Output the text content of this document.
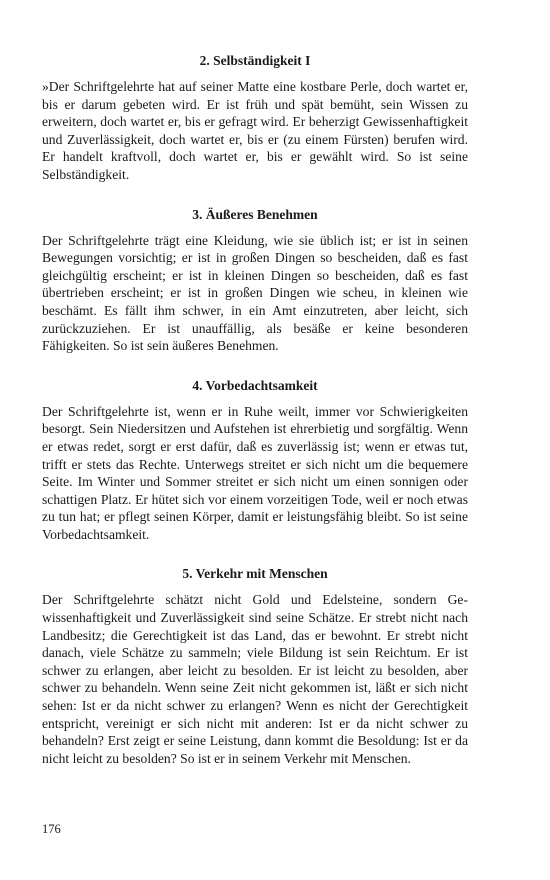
2. Selbständigkeit I

»Der Schriftgelehrte hat auf seiner Matte eine kostbare Perle, doch wartet er, bis er darum gebeten wird. Er ist früh und spät bemüht, sein Wissen zu erweitern, doch wartet er, bis er gefragt wird. Er beherzigt Gewissenhaftigkeit und Zuverlässigkeit, doch wartet er, bis er (zu einem Fürsten) berufen wird. Er handelt kraftvoll, doch wartet er, bis er gewählt wird. So ist seine Selbständigkeit.

3. Äußeres Benehmen

Der Schriftgelehrte trägt eine Kleidung, wie sie üblich ist; er ist in seinen Bewegungen vorsichtig; er ist in großen Dingen so bescheiden, daß es fast gleichgültig erscheint; er ist in kleinen Dingen so bescheiden, daß es fast übertrieben erscheint; er ist in großen Dingen wie scheu, in kleinen wie beschämt. Es fällt ihm schwer, in ein Amt einzutreten, aber leicht, sich zurückzuziehen. Er ist unauffällig, als besäße er keine besonderen Fähigkeiten. So ist sein äußeres Benehmen.

4. Vorbedachtsamkeit

Der Schriftgelehrte ist, wenn er in Ruhe weilt, immer vor Schwierigkeiten besorgt. Sein Niedersitzen und Aufstehen ist ehrerbietig und sorgfältig. Wenn er etwas redet, sorgt er erst dafür, daß es zuverlässig ist; wenn er etwas tut, trifft er stets das Rechte. Unterwegs streitet er sich nicht um die bequemere Seite. Im Winter und Sommer streitet er sich nicht um einen sonnigen oder schattigen Platz. Er hütet sich vor einem vorzeitigen Tode, weil er noch etwas zu tun hat; er pflegt seinen Körper, damit er leistungsfähig bleibt. So ist seine Vorbedachtsamkeit.

5. Verkehr mit Menschen

Der Schriftgelehrte schätzt nicht Gold und Edelsteine, sondern Gewissenhaftigkeit und Zuverlässigkeit sind seine Schätze. Er strebt nicht nach Landbesitz; die Gerechtigkeit ist das Land, das er bewohnt. Er strebt nicht danach, viele Schätze zu sammeln; viele Bildung ist sein Reichtum. Er ist schwer zu erlangen, aber leicht zu besolden. Er ist leicht zu besolden, aber schwer zu behandeln. Wenn seine Zeit nicht gekommen ist, läßt er sich nicht sehen: Ist er da nicht schwer zu erlangen? Wenn es nicht der Gerechtigkeit entspricht, vereinigt er sich nicht mit anderen: Ist er da nicht schwer zu behandeln? Erst zeigt er seine Leistung, dann kommt die Besoldung: Ist er da nicht leicht zu besolden? So ist er in seinem Verkehr mit Menschen.

176
